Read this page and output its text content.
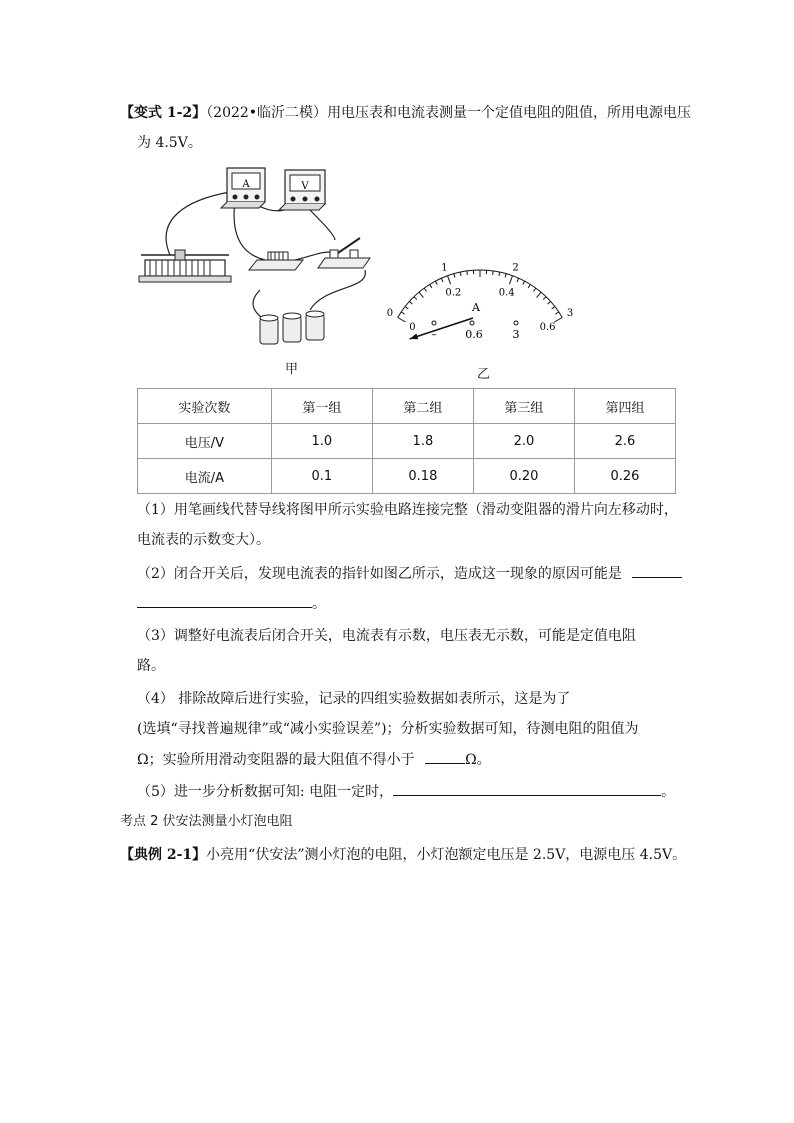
【变式 1-2】（2022•临沂二模）用电压表和电流表测量一个定值电阻的阻值，所用电源电压
为 4.5V。
A	V
甲
0
1	2
3
0
0.2	0.4
0.6
A
–	0.6	3
乙
实验次数	第一组	第二组	第三组	第四组
电压/V	1.0	1.8	2.0	2.6
电流/A	0.1	0.18	0.20	0.26
（1）用笔画线代替导线将图甲所示实验电路连接完整（滑动变阻器的滑片向左移动时，
电流表的示数变大）。
（2）闭合开关后，发现电流表的指针如图乙所示，造成这一现象的原因可能是
。
（3）调整好电流表后闭合开关，电流表有示数，电压表无示数，可能是定值电阻
路。
（4） 排除故障后进行实验，记录的四组实验数据如表所示，这是为了
(选填“寻找普遍规律”或“减小实验误差”)；分析实验数据可知，待测电阻的阻值为
Ω；实验所用滑动变阻器的最大阻值不得小于	Ω。
（5）进一步分析数据可知: 电阻一定时，	。
考点 2 伏安法测量小灯泡电阻
【典例 2-1】小亮用“伏安法”测小灯泡的电阻，小灯泡额定电压是 2.5V，电源电压 4.5V。
